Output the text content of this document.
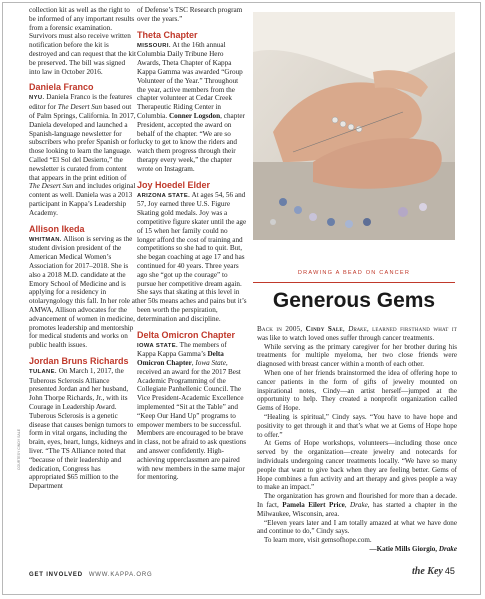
COURTESY CINDY SALE

collection kit as well as the right to be informed of any important results from a forensic examination. Survivors must also receive written notification before the kit is destroyed and can request that the kit be preserved. The bill was signed into law in October 2016.

Daniela Franco

NYU. Daniela Franco is the features editor for The Desert Sun based out of Palm Springs, California. In 2017, Daniela developed and launched a Spanish-language newsletter for subscribers who prefer Spanish or for those looking to learn the language. Called “El Sol del Desierto,” the newsletter is curated from content that appears in the print edition of The Desert Sun and includes original content as well. Daniela was a 2013 participant in Kappa’s Leadership Academy.

Allison Ikeda

WHITMAN. Allison is serving as the student division president of the American Medical Women’s Association for 2017–2018. She is also a 2018 M.D. candidate at the Emory School of Medicine and is applying for a residency in otolaryngology this fall. In her role at AMWA, Allison advocates for the advancement of women in medicine, promotes leadership and mentorship for medical students and works on public health issues.

Jordan Bruns Richards

TULANE. On March 1, 2017, the Tuberous Sclerosis Alliance presented Jordan and her husband, John Thorpe Richards, Jr., with its Courage in Leadership Award. Tuberous Sclerosis is a genetic disease that causes benign tumors to form in vital organs, including the brain, eyes, heart, lungs, kidneys and liver. “The TS Alliance noted that “because of their leadership and dedication, Congress has appropriated $65 million to the Department

of Defense’s TSC Research program over the years.”

Theta Chapter

MISSOURI. At the 16th annual Columbia Daily Tribune Hero Awards, Theta Chapter of Kappa Kappa Gamma was awarded “Group Volunteer of the Year.” Throughout the year, active members from the chapter volunteer at Cedar Creek Therapeutic Riding Center in Columbia. Conner Logsdon, chapter President, accepted the award on behalf of the chapter. “We are so lucky to get to know the riders and watch them progress through their therapy every week,” the chapter wrote on Instagram.

Joy Hoedel Elder

ARIZONA STATE. At ages 54, 56 and 57, Joy earned three U.S. Figure Skating gold medals. Joy was a competitive figure skater until the age of 15 when her family could no longer afford the cost of training and competitions so she had to quit. But, she began coaching at age 17 and has continued for 40 years. Three years ago she “got up the courage” to pursue her competitive dream again. She says that skating at this level in her 50s means aches and pains but it’s been worth the perspiration, determination and discipline.

Delta Omicron Chapter

IOWA STATE. The members of Kappa Kappa Gamma’s Delta Omicron Chapter, Iowa State, received an award for the 2017 Best Academic Programming of the Collegiate Panhellenic Council. The Vice President-Academic Excellence implemented “Sit at the Table” and “Keep Our Hand Up” programs to empower members to be successful. Members are encouraged to be brave in class, not be afraid to ask questions and answer confidently. High-achieving upperclassmen are paired with new members in the same major for mentoring.

DRAWING A BEAD ON CANCER
Generous Gems

Back in 2005, Cindy Sale, Drake, learned firsthand what it was like to watch loved ones suffer through cancer treatments.

While serving as the primary caregiver for her brother during his treatments for multiple myeloma, her two close friends were diagnosed with breast cancer within a month of each other.

When one of her friends brainstormed the idea of offering hope to cancer patients in the form of gifts of jewelry mounted on inspirational notes, Cindy—an artist herself—jumped at the opportunity to help. They created a nonprofit organization called Gems of Hope.

“Healing is spiritual,” Cindy says. “You have to have hope and positivity to get through it and that’s what we at Gems of Hope hope to offer.”

At Gems of Hope workshops, volunteers—including those once served by the organization—create jewelry and notecards for individuals undergoing cancer treatments locally. “We have so many people that want to give back when they are feeling better. Gems of Hope combines a fun activity and art therapy and gives people a way to make an impact.”

The organization has grown and flourished for more than a decade. In fact, Pamela Eilert Price, Drake, has started a chapter in the Milwaukee, Wisconsin, area.

“Eleven years later and I am totally amazed at what we have done and continue to do,” Cindy says.

To learn more, visit gemsofhope.com.

—Katie Mills Giorgio, Drake

GET INVOLVED WWW.KAPPA.ORG	the Key 45
